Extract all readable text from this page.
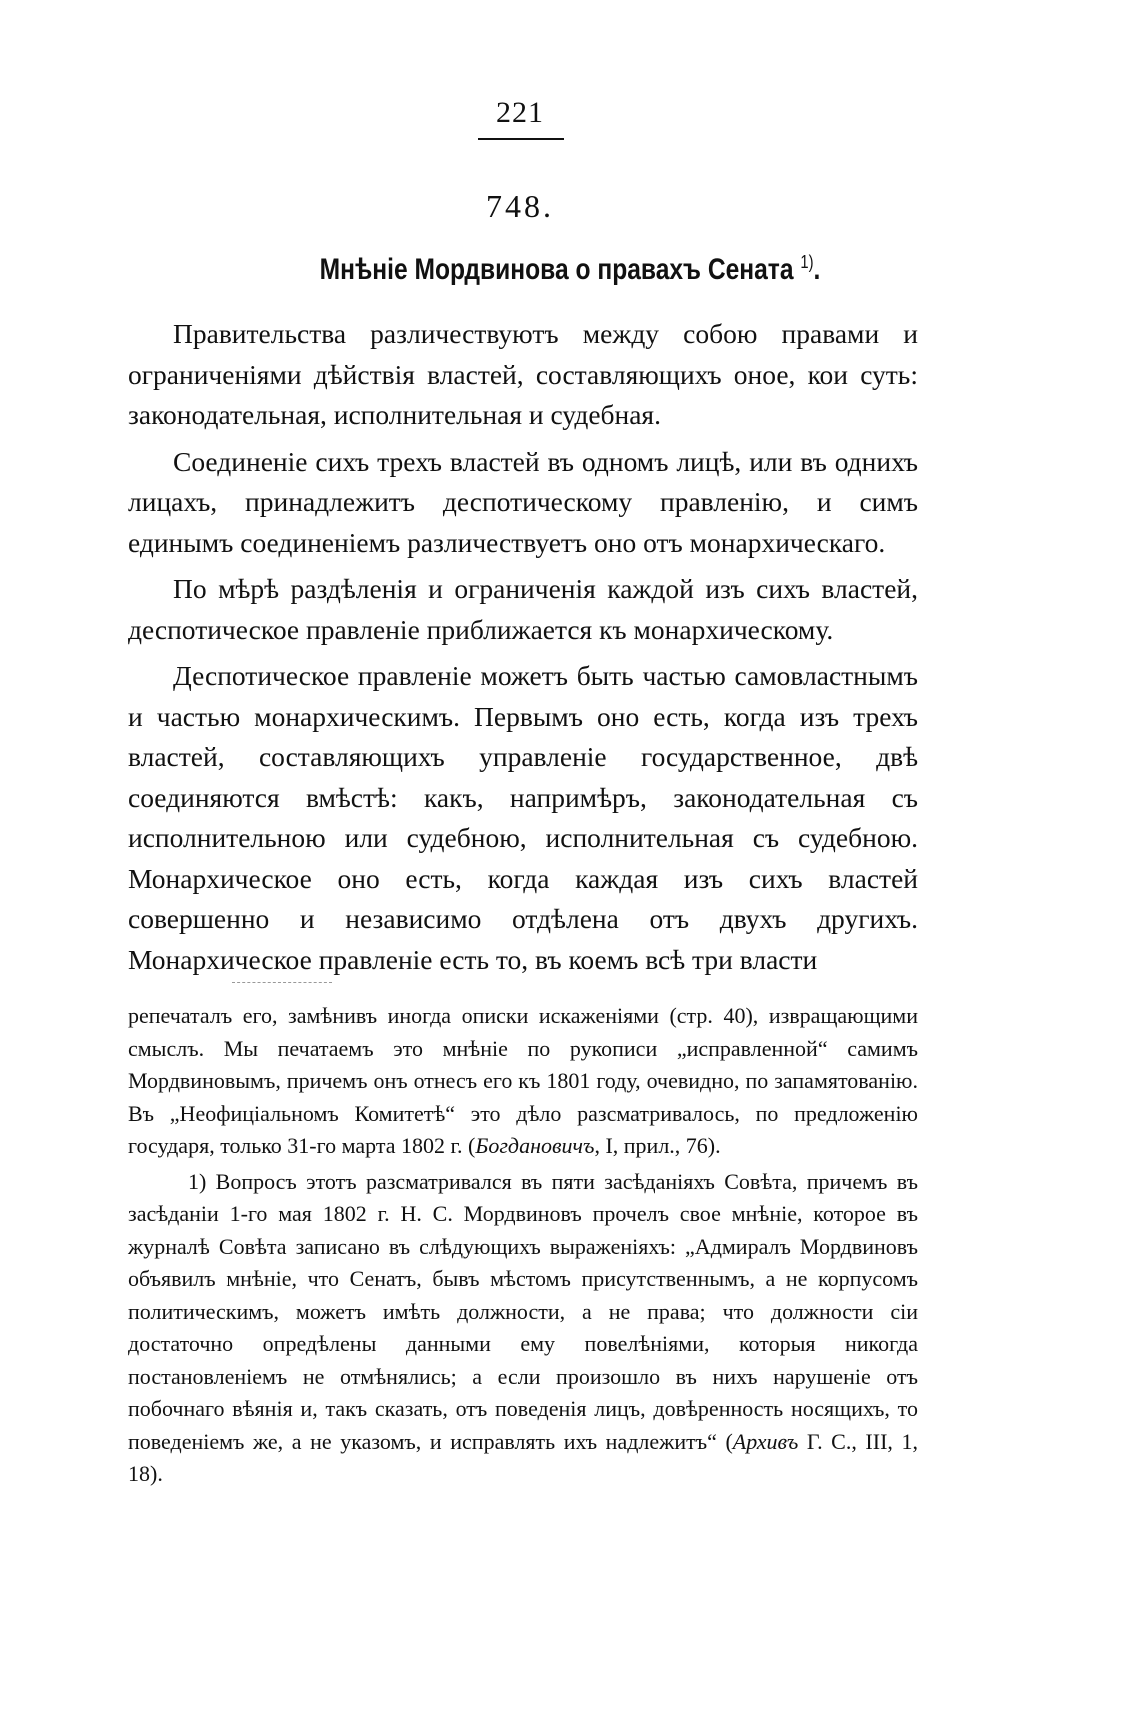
221
748.
Мнѣніе Мордвинова о правахъ Сената $^{1)}$.

Правительства различествуютъ между собою правами и ограниченіями дѣйствія властей, составляющихъ оное, кои суть: законодательная, исполнительная и судебная.

Соединеніе сихъ трехъ властей въ одномъ лицѣ, или въ однихъ лицахъ, принадлежитъ деспотическому правленію, и симъ единымъ соединеніемъ различествуетъ оно отъ монархическаго.

По мѣрѣ раздѣленія и ограниченія каждой изъ сихъ властей, деспотическое правленіе приближается къ монархическому.

Деспотическое правленіе можетъ быть частью самовластнымъ и частью монархическимъ. Первымъ оно есть, когда изъ трехъ властей, составляющихъ управленіе государственное, двѣ соединяются вмѣстѣ: какъ, напримѣръ, законодательная съ исполнительною или судебною, исполнительная съ судебною. Монархическое оно есть, когда каждая изъ сихъ властей совершенно и независимо отдѣлена отъ двухъ другихъ. Монархическое правленіе есть то, въ коемъ всѣ три власти

репечаталъ его, замѣнивъ иногда описки искаженіями (стр. 40), извращающими смыслъ. Мы печатаемъ это мнѣніе по рукописи „исправленной“ самимъ Мордвиновымъ, причемъ онъ отнесъ его къ 1801 году, очевидно, по запамятованію. Въ „Неофиціальномъ Комитетѣ“ это дѣло разсматривалось, по предложенію государя, только 31-го марта 1802 г. (Богдановичъ, I, прил., 76).

1) Вопросъ этотъ разсматривался въ пяти засѣданіяхъ Совѣта, причемъ въ засѣданіи 1-го мая 1802 г. Н. С. Мордвиновъ прочелъ свое мнѣніе, которое въ журналѣ Совѣта записано въ слѣдующихъ выраженіяхъ: „Адмиралъ Мордвиновъ объявилъ мнѣніе, что Сенатъ, бывъ мѣстомъ присутственнымъ, а не корпусомъ политическимъ, можетъ имѣть должности, а не права; что должности сіи достаточно опредѣлены данными ему повелѣніями, которыя никогда постановленіемъ не отмѣнялись; а если произошло въ нихъ нарушеніе отъ побочнаго вѣянія и, такъ сказать, отъ поведенія лицъ, довѣренность носящихъ, то поведеніемъ же, а не указомъ, и исправлять ихъ надлежитъ“ (Архивъ Г. С., III, 1, 18).
